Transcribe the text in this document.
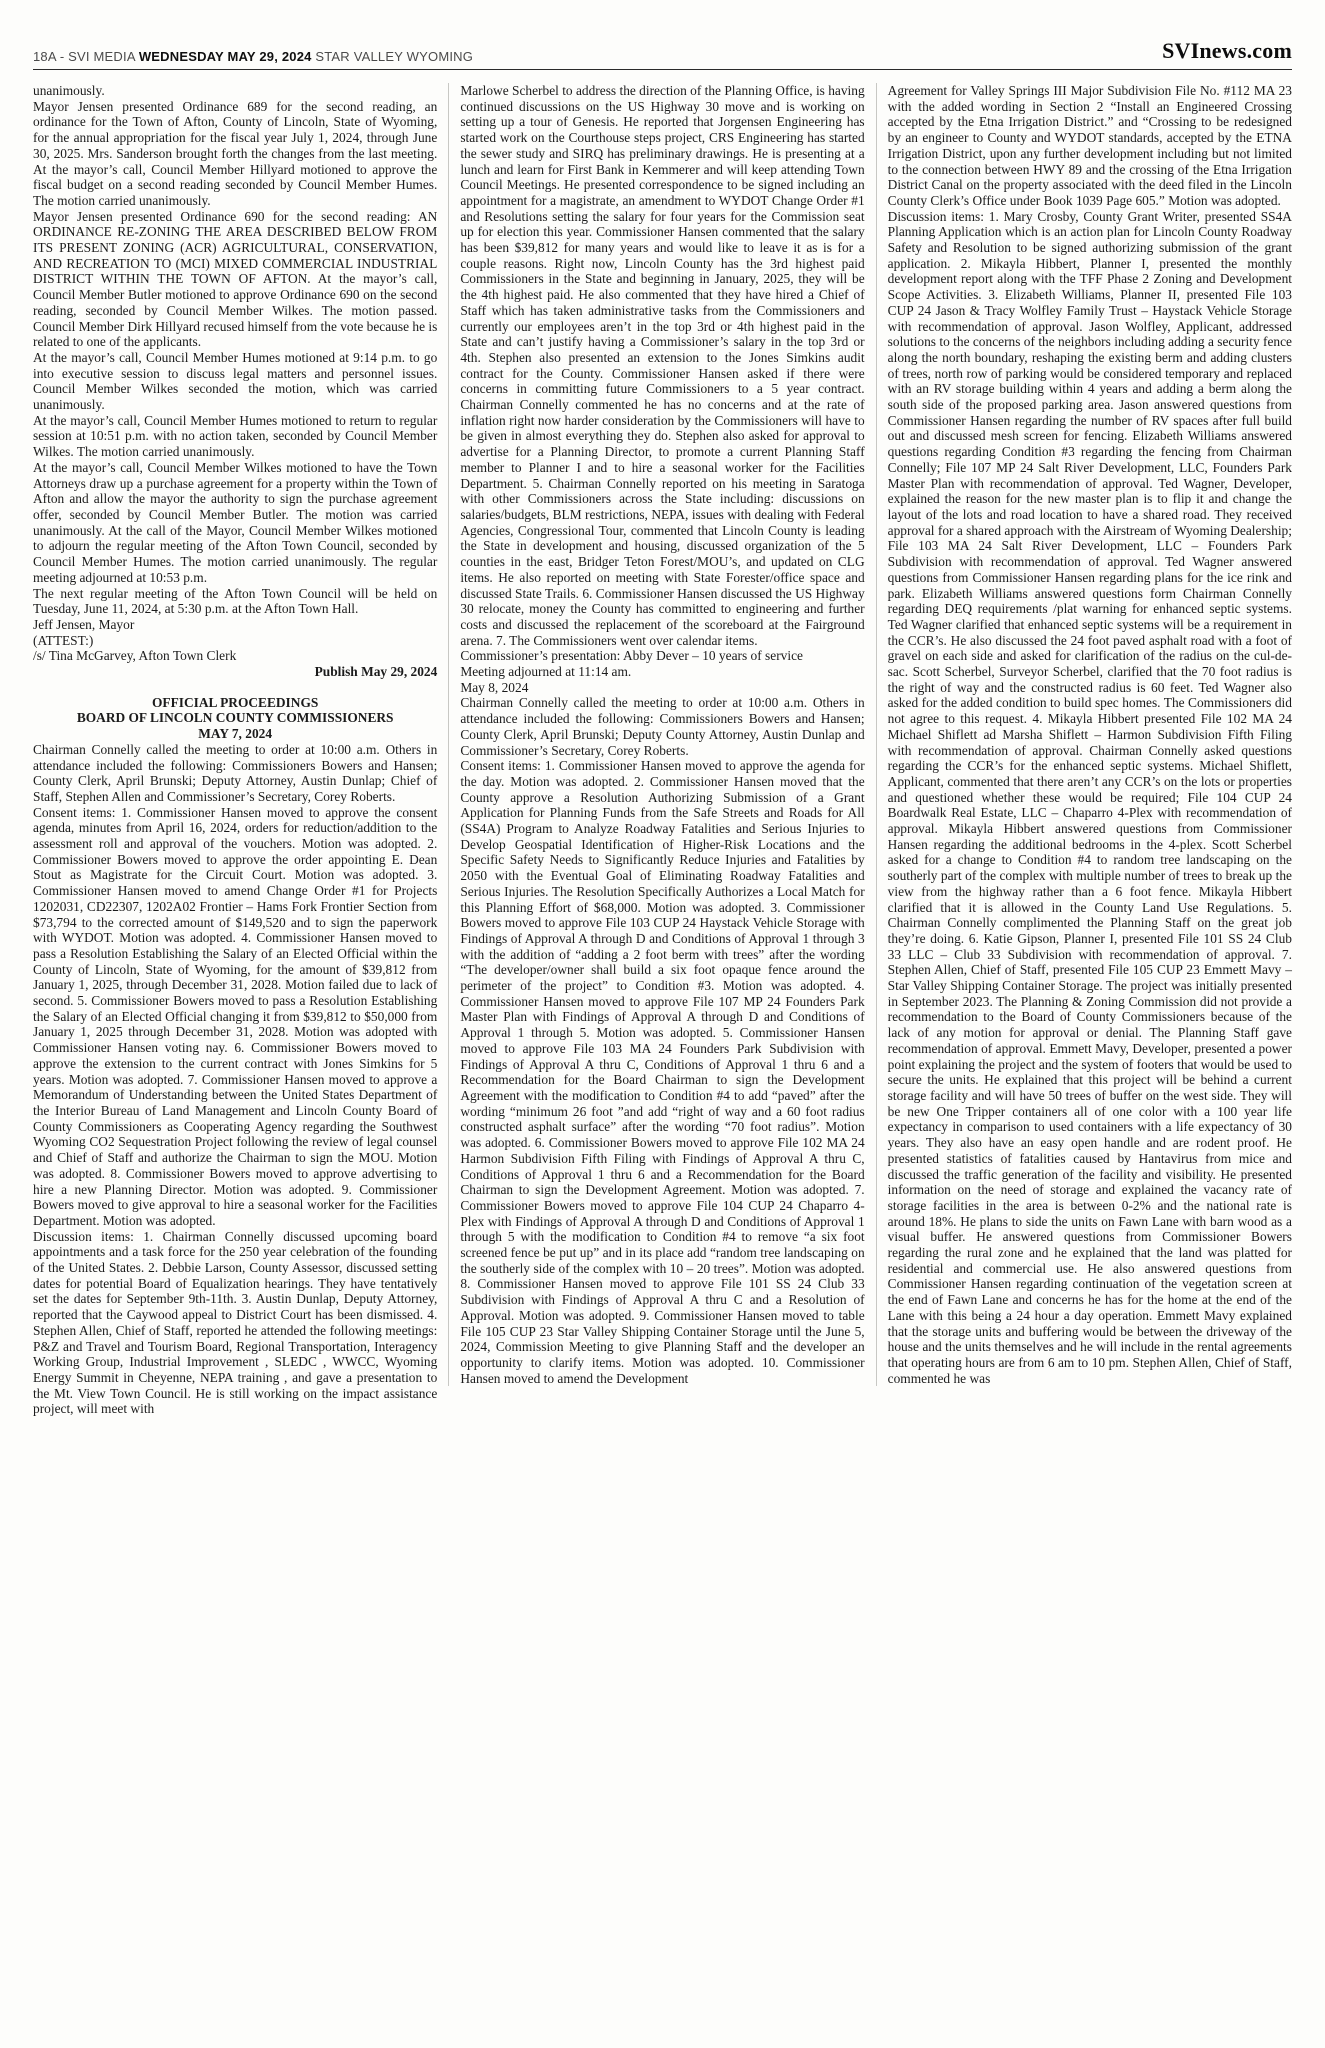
18A - SVI MEDIA WEDNESDAY MAY 29, 2024 STAR VALLEY WYOMING	SVInews.com

unanimously.

Mayor Jensen presented Ordinance 689 for the second reading, an ordinance for the Town of Afton, County of Lincoln, State of Wyoming, for the annual appropriation for the fiscal year July 1, 2024, through June 30, 2025. Mrs. Sanderson brought forth the changes from the last meeting. At the mayor’s call, Council Member Hillyard motioned to approve the fiscal budget on a second reading seconded by Council Member Humes. The motion carried unanimously.

Mayor Jensen presented Ordinance 690 for the second reading: AN ORDINANCE RE-ZONING THE AREA DESCRIBED BELOW FROM ITS PRESENT ZONING (ACR) AGRICULTURAL, CONSERVATION, AND RECREATION TO (MCI) MIXED COMMERCIAL INDUSTRIAL DISTRICT WITHIN THE TOWN OF AFTON. At the mayor’s call, Council Member Butler motioned to approve Ordinance 690 on the second reading, seconded by Council Member Wilkes. The motion passed. Council Member Dirk Hillyard recused himself from the vote because he is related to one of the applicants.

At the mayor’s call, Council Member Humes motioned at 9:14 p.m. to go into executive session to discuss legal matters and personnel issues. Council Member Wilkes seconded the motion, which was carried unanimously.

At the mayor’s call, Council Member Humes motioned to return to regular session at 10:51 p.m. with no action taken, seconded by Council Member Wilkes. The motion carried unanimously.

At the mayor’s call, Council Member Wilkes motioned to have the Town Attorneys draw up a purchase agreement for a property within the Town of Afton and allow the mayor the authority to sign the purchase agreement offer, seconded by Council Member Butler. The motion was carried unanimously. At the call of the Mayor, Council Member Wilkes motioned to adjourn the regular meeting of the Afton Town Council, seconded by Council Member Humes. The motion carried unanimously. The regular meeting adjourned at 10:53 p.m.

The next regular meeting of the Afton Town Council will be held on Tuesday, June 11, 2024, at 5:30 p.m. at the Afton Town Hall.

Jeff Jensen, Mayor

(ATTEST:)

/s/ Tina McGarvey, Afton Town Clerk

Publish May 29, 2024

OFFICIAL PROCEEDINGS

BOARD OF LINCOLN COUNTY COMMISSIONERS

MAY 7, 2024

Chairman Connelly called the meeting to order at 10:00 a.m. Others in attendance included the following: Commissioners Bowers and Hansen; County Clerk, April Brunski; Deputy Attorney, Austin Dunlap; Chief of Staff, Stephen Allen and Commissioner’s Secretary, Corey Roberts.

Consent items: 1. Commissioner Hansen moved to approve the consent agenda, minutes from April 16, 2024, orders for reduction/addition to the assessment roll and approval of the vouchers. Motion was adopted. 2. Commissioner Bowers moved to approve the order appointing E. Dean Stout as Magistrate for the Circuit Court. Motion was adopted. 3. Commissioner Hansen moved to amend Change Order #1 for Projects 1202031, CD22307, 1202A02 Frontier – Hams Fork Frontier Section from $73,794 to the corrected amount of $149,520 and to sign the paperwork with WYDOT. Motion was adopted. 4. Commissioner Hansen moved to pass a Resolution Establishing the Salary of an Elected Official within the County of Lincoln, State of Wyoming, for the amount of $39,812 from January 1, 2025, through December 31, 2028. Motion failed due to lack of second. 5. Commissioner Bowers moved to pass a Resolution Establishing the Salary of an Elected Official changing it from $39,812 to $50,000 from January 1, 2025 through December 31, 2028. Motion was adopted with Commissioner Hansen voting nay. 6. Commissioner Bowers moved to approve the extension to the current contract with Jones Simkins for 5 years. Motion was adopted. 7. Commissioner Hansen moved to approve a Memorandum of Understanding between the United States Department of the Interior Bureau of Land Management and Lincoln County Board of County Commissioners as Cooperating Agency regarding the Southwest Wyoming CO2 Sequestration Project following the review of legal counsel and Chief of Staff and authorize the Chairman to sign the MOU. Motion was adopted. 8. Commissioner Bowers moved to approve advertising to hire a new Planning Director. Motion was adopted. 9. Commissioner Bowers moved to give approval to hire a seasonal worker for the Facilities Department. Motion was adopted.

Discussion items: 1. Chairman Connelly discussed upcoming board appointments and a task force for the 250 year celebration of the founding of the United States. 2. Debbie Larson, County Assessor, discussed setting dates for potential Board of Equalization hearings. They have tentatively set the dates for September 9th-11th. 3. Austin Dunlap, Deputy Attorney, reported that the Caywood appeal to District Court has been dismissed. 4. Stephen Allen, Chief of Staff, reported he attended the following meetings: P&Z and Travel and Tourism Board, Regional Transportation, Interagency Working Group, Industrial Improvement , SLEDC , WWCC, Wyoming Energy Summit in Cheyenne, NEPA training , and gave a presentation to the Mt. View Town Council. He is still working on the impact assistance project, will meet with

Marlowe Scherbel to address the direction of the Planning Office, is having continued discussions on the US Highway 30 move and is working on setting up a tour of Genesis. He reported that Jorgensen Engineering has started work on the Courthouse steps project, CRS Engineering has started the sewer study and SIRQ has preliminary drawings. He is presenting at a lunch and learn for First Bank in Kemmerer and will keep attending Town Council Meetings. He presented correspondence to be signed including an appointment for a magistrate, an amendment to WYDOT Change Order #1 and Resolutions setting the salary for four years for the Commission seat up for election this year. Commissioner Hansen commented that the salary has been $39,812 for many years and would like to leave it as is for a couple reasons. Right now, Lincoln County has the 3rd highest paid Commissioners in the State and beginning in January, 2025, they will be the 4th highest paid. He also commented that they have hired a Chief of Staff which has taken administrative tasks from the Commissioners and currently our employees aren’t in the top 3rd or 4th highest paid in the State and can’t justify having a Commissioner’s salary in the top 3rd or 4th. Stephen also presented an extension to the Jones Simkins audit contract for the County. Commissioner Hansen asked if there were concerns in committing future Commissioners to a 5 year contract. Chairman Connelly commented he has no concerns and at the rate of inflation right now harder consideration by the Commissioners will have to be given in almost everything they do. Stephen also asked for approval to advertise for a Planning Director, to promote a current Planning Staff member to Planner I and to hire a seasonal worker for the Facilities Department. 5. Chairman Connelly reported on his meeting in Saratoga with other Commissioners across the State including: discussions on salaries/budgets, BLM restrictions, NEPA, issues with dealing with Federal Agencies, Congressional Tour, commented that Lincoln County is leading the State in development and housing, discussed organization of the 5 counties in the east, Bridger Teton Forest/MOU’s, and updated on CLG items. He also reported on meeting with State Forester/office space and discussed State Trails. 6. Commissioner Hansen discussed the US Highway 30 relocate, money the County has committed to engineering and further costs and discussed the replacement of the scoreboard at the Fairground arena. 7. The Commissioners went over calendar items.

Commissioner’s presentation: Abby Dever – 10 years of service

Meeting adjourned at 11:14 am.

May 8, 2024

Chairman Connelly called the meeting to order at 10:00 a.m. Others in attendance included the following: Commissioners Bowers and Hansen; County Clerk, April Brunski; Deputy County Attorney, Austin Dunlap and Commissioner’s Secretary, Corey Roberts.

Consent items: 1. Commissioner Hansen moved to approve the agenda for the day. Motion was adopted. 2. Commissioner Hansen moved that the County approve a Resolution Authorizing Submission of a Grant Application for Planning Funds from the Safe Streets and Roads for All (SS4A) Program to Analyze Roadway Fatalities and Serious Injuries to Develop Geospatial Identification of Higher-Risk Locations and the Specific Safety Needs to Significantly Reduce Injuries and Fatalities by 2050 with the Eventual Goal of Eliminating Roadway Fatalities and Serious Injuries. The Resolution Specifically Authorizes a Local Match for this Planning Effort of $68,000. Motion was adopted. 3. Commissioner Bowers moved to approve File 103 CUP 24 Haystack Vehicle Storage with Findings of Approval A through D and Conditions of Approval 1 through 3 with the addition of “adding a 2 foot berm with trees” after the wording “The developer/owner shall build a six foot opaque fence around the perimeter of the project” to Condition #3. Motion was adopted. 4. Commissioner Hansen moved to approve File 107 MP 24 Founders Park Master Plan with Findings of Approval A through D and Conditions of Approval 1 through 5. Motion was adopted. 5. Commissioner Hansen moved to approve File 103 MA 24 Founders Park Subdivision with Findings of Approval A thru C, Conditions of Approval 1 thru 6 and a Recommendation for the Board Chairman to sign the Development Agreement with the modification to Condition #4 to add “paved” after the wording “minimum 26 foot ”and add “right of way and a 60 foot radius constructed asphalt surface” after the wording “70 foot radius”. Motion was adopted. 6. Commissioner Bowers moved to approve File 102 MA 24 Harmon Subdivision Fifth Filing with Findings of Approval A thru C, Conditions of Approval 1 thru 6 and a Recommendation for the Board Chairman to sign the Development Agreement. Motion was adopted. 7. Commissioner Bowers moved to approve File 104 CUP 24 Chaparro 4-Plex with Findings of Approval A through D and Conditions of Approval 1 through 5 with the modification to Condition #4 to remove “a six foot screened fence be put up” and in its place add “random tree landscaping on the southerly side of the complex with 10 – 20 trees”. Motion was adopted. 8. Commissioner Hansen moved to approve File 101 SS 24 Club 33 Subdivision with Findings of Approval A thru C and a Resolution of Approval. Motion was adopted. 9. Commissioner Hansen moved to table File 105 CUP 23 Star Valley Shipping Container Storage until the June 5, 2024, Commission Meeting to give Planning Staff and the developer an opportunity to clarify items. Motion was adopted. 10. Commissioner Hansen moved to amend the Development

Agreement for Valley Springs III Major Subdivision File No. #112 MA 23 with the added wording in Section 2 “Install an Engineered Crossing accepted by the Etna Irrigation District.” and “Crossing to be redesigned by an engineer to County and WYDOT standards, accepted by the ETNA Irrigation District, upon any further development including but not limited to the connection between HWY 89 and the crossing of the Etna Irrigation District Canal on the property associated with the deed filed in the Lincoln County Clerk’s Office under Book 1039 Page 605.” Motion was adopted.

Discussion items: 1. Mary Crosby, County Grant Writer, presented SS4A Planning Application which is an action plan for Lincoln County Roadway Safety and Resolution to be signed authorizing submission of the grant application. 2. Mikayla Hibbert, Planner I, presented the monthly development report along with the TFF Phase 2 Zoning and Development Scope Activities. 3. Elizabeth Williams, Planner II, presented File 103 CUP 24 Jason & Tracy Wolfley Family Trust – Haystack Vehicle Storage with recommendation of approval. Jason Wolfley, Applicant, addressed solutions to the concerns of the neighbors including adding a security fence along the north boundary, reshaping the existing berm and adding clusters of trees, north row of parking would be considered temporary and replaced with an RV storage building within 4 years and adding a berm along the south side of the proposed parking area. Jason answered questions from Commissioner Hansen regarding the number of RV spaces after full build out and discussed mesh screen for fencing. Elizabeth Williams answered questions regarding Condition #3 regarding the fencing from Chairman Connelly; File 107 MP 24 Salt River Development, LLC, Founders Park Master Plan with recommendation of approval. Ted Wagner, Developer, explained the reason for the new master plan is to flip it and change the layout of the lots and road location to have a shared road. They received approval for a shared approach with the Airstream of Wyoming Dealership; File 103 MA 24 Salt River Development, LLC – Founders Park Subdivision with recommendation of approval. Ted Wagner answered questions from Commissioner Hansen regarding plans for the ice rink and park. Elizabeth Williams answered questions form Chairman Connelly regarding DEQ requirements /plat warning for enhanced septic systems. Ted Wagner clarified that enhanced septic systems will be a requirement in the CCR’s. He also discussed the 24 foot paved asphalt road with a foot of gravel on each side and asked for clarification of the radius on the cul-de-sac. Scott Scherbel, Surveyor Scherbel, clarified that the 70 foot radius is the right of way and the constructed radius is 60 feet. Ted Wagner also asked for the added condition to build spec homes. The Commissioners did not agree to this request. 4. Mikayla Hibbert presented File 102 MA 24 Michael Shiflett ad Marsha Shiflett – Harmon Subdivision Fifth Filing with recommendation of approval. Chairman Connelly asked questions regarding the CCR’s for the enhanced septic systems. Michael Shiflett, Applicant, commented that there aren’t any CCR’s on the lots or properties and questioned whether these would be required; File 104 CUP 24 Boardwalk Real Estate, LLC – Chaparro 4-Plex with recommendation of approval. Mikayla Hibbert answered questions from Commissioner Hansen regarding the additional bedrooms in the 4-plex. Scott Scherbel asked for a change to Condition #4 to random tree landscaping on the southerly part of the complex with multiple number of trees to break up the view from the highway rather than a 6 foot fence. Mikayla Hibbert clarified that it is allowed in the County Land Use Regulations. 5. Chairman Connelly complimented the Planning Staff on the great job they’re doing. 6. Katie Gipson, Planner I, presented File 101 SS 24 Club 33 LLC – Club 33 Subdivision with recommendation of approval. 7. Stephen Allen, Chief of Staff, presented File 105 CUP 23 Emmett Mavy – Star Valley Shipping Container Storage. The project was initially presented in September 2023. The Planning & Zoning Commission did not provide a recommendation to the Board of County Commissioners because of the lack of any motion for approval or denial. The Planning Staff gave recommendation of approval. Emmett Mavy, Developer, presented a power point explaining the project and the system of footers that would be used to secure the units. He explained that this project will be behind a current storage facility and will have 50 trees of buffer on the west side. They will be new One Tripper containers all of one color with a 100 year life expectancy in comparison to used containers with a life expectancy of 30 years. They also have an easy open handle and are rodent proof. He presented statistics of fatalities caused by Hantavirus from mice and discussed the traffic generation of the facility and visibility. He presented information on the need of storage and explained the vacancy rate of storage facilities in the area is between 0-2% and the national rate is around 18%. He plans to side the units on Fawn Lane with barn wood as a visual buffer. He answered questions from Commissioner Bowers regarding the rural zone and he explained that the land was platted for residential and commercial use. He also answered questions from Commissioner Hansen regarding continuation of the vegetation screen at the end of Fawn Lane and concerns he has for the home at the end of the Lane with this being a 24 hour a day operation. Emmett Mavy explained that the storage units and buffering would be between the driveway of the house and the units themselves and he will include in the rental agreements that operating hours are from 6 am to 10 pm. Stephen Allen, Chief of Staff, commented he was
